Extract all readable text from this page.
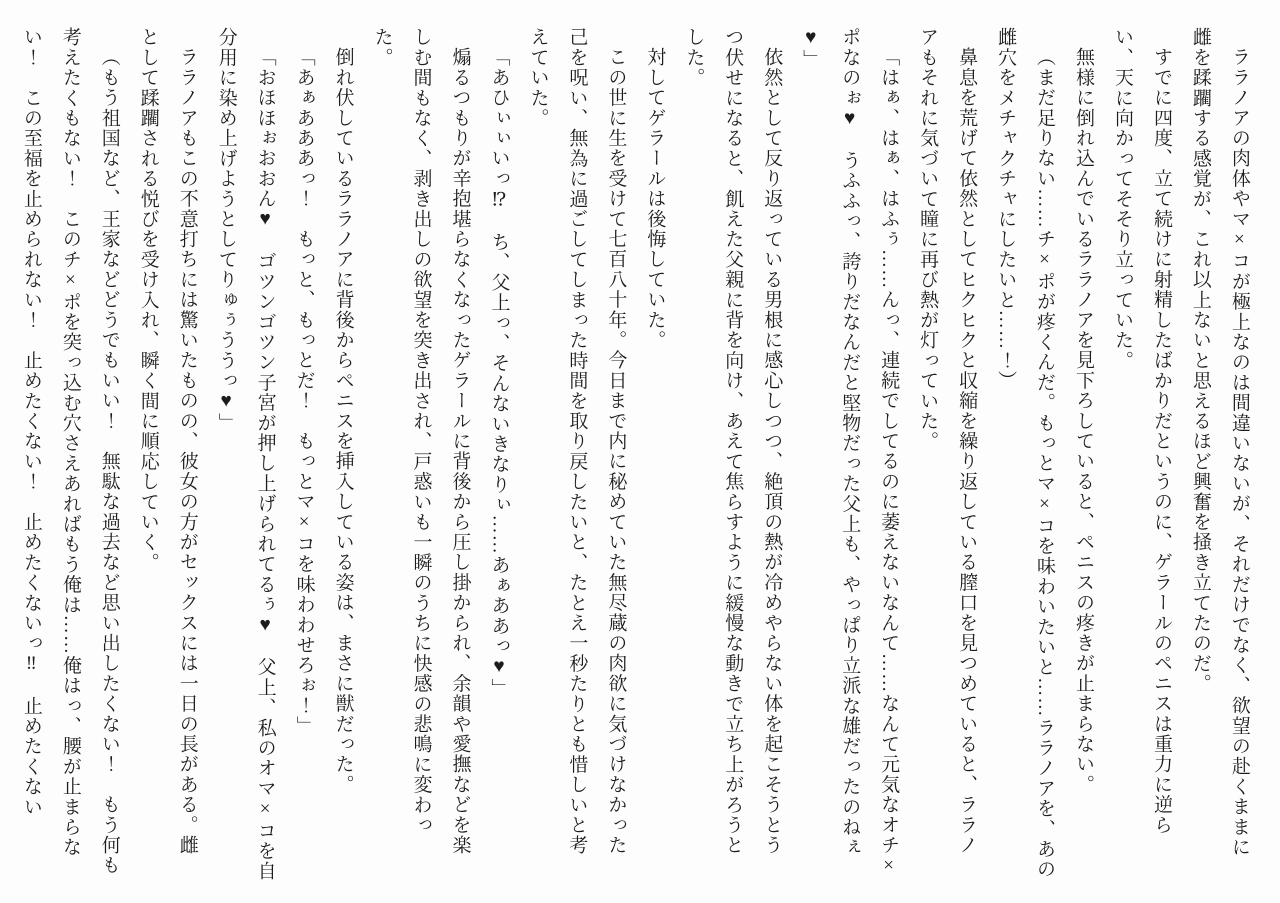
ララノアの肉体やマ×コが極上なのは間違いないが、それだけでなく、欲望の赴くままに
雌を蹂躙する感覚が、これ以上ないと思えるほど興奮を掻き立てたのだ。
すでに四度、立て続けに射精したばかりだというのに、ゲラールのペニスは重力に逆ら
い、天に向かってそそり立っていた。
無様に倒れ込んでいるララノアを見下ろしていると、ペニスの疼きが止まらない。
（まだ足りない……チ×ポが疼くんだ。もっとマ×コを味わいたいと……ララノアを、あの
雌穴をメチャクチャにしたいと……！）
鼻息を荒げて依然としてヒクヒクと収縮を繰り返している膣口を見つめていると、ララノ
アもそれに気づいて瞳に再び熱が灯っていた。
「はぁ、はぁ、はふぅ……んっ、連続でしてるのに萎えないなんて……なんて元気なオチ×
ポなのぉ♥　うふふっ、誇りだなんだと堅物だった父上も、やっぱり立派な雄だったのねぇ
♥」
依然として反り返っている男根に感心しつつ、絶頂の熱が冷めやらない体を起こそうとう
つ伏せになると、飢えた父親に背を向け、あえて焦らすように緩慢な動きで立ち上がろうと
した。
対してゲラールは後悔していた。
この世に生を受けて七百八十年。今日まで内に秘めていた無尽蔵の肉欲に気づけなかった
己を呪い、無為に過ごしてしまった時間を取り戻したいと、たとえ一秒たりとも惜しいと考
えていた。
「あひぃぃいっ⁉　ち、父上っ、そんないきなりぃ……あぁああっ♥」
煽るつもりが辛抱堪らなくなったゲラールに背後から圧し掛かられ、余韻や愛撫などを楽
しむ間もなく、剥き出しの欲望を突き出され、戸惑いも一瞬のうちに快感の悲鳴に変わっ
た。
倒れ伏しているララノアに背後からペニスを挿入している姿は、まさに獣だった。
「あぁあああっ！　もっと、もっとだ！　もっとマ×コを味わわせろぉ！」
「おほほぉおおん♥　ゴツンゴツン子宮が押し上げられてるぅ♥　父上、私のオマ×コを自
分用に染め上げようとしてりゅぅううっ♥」
ララノアもこの不意打ちには驚いたものの、彼女の方がセックスには一日の長がある。雌
として蹂躙される悦びを受け入れ、瞬く間に順応していく。
（もう祖国など、王家などどうでもいい！　無駄な過去など思い出したくない！　もう何も
考えたくもない！　このチ×ポを突っ込む穴さえあればもう俺は……俺はっ、腰が止まらな
い！　この至福を止められない！　止めたくない！　止めたくないっ‼　止めたくない
